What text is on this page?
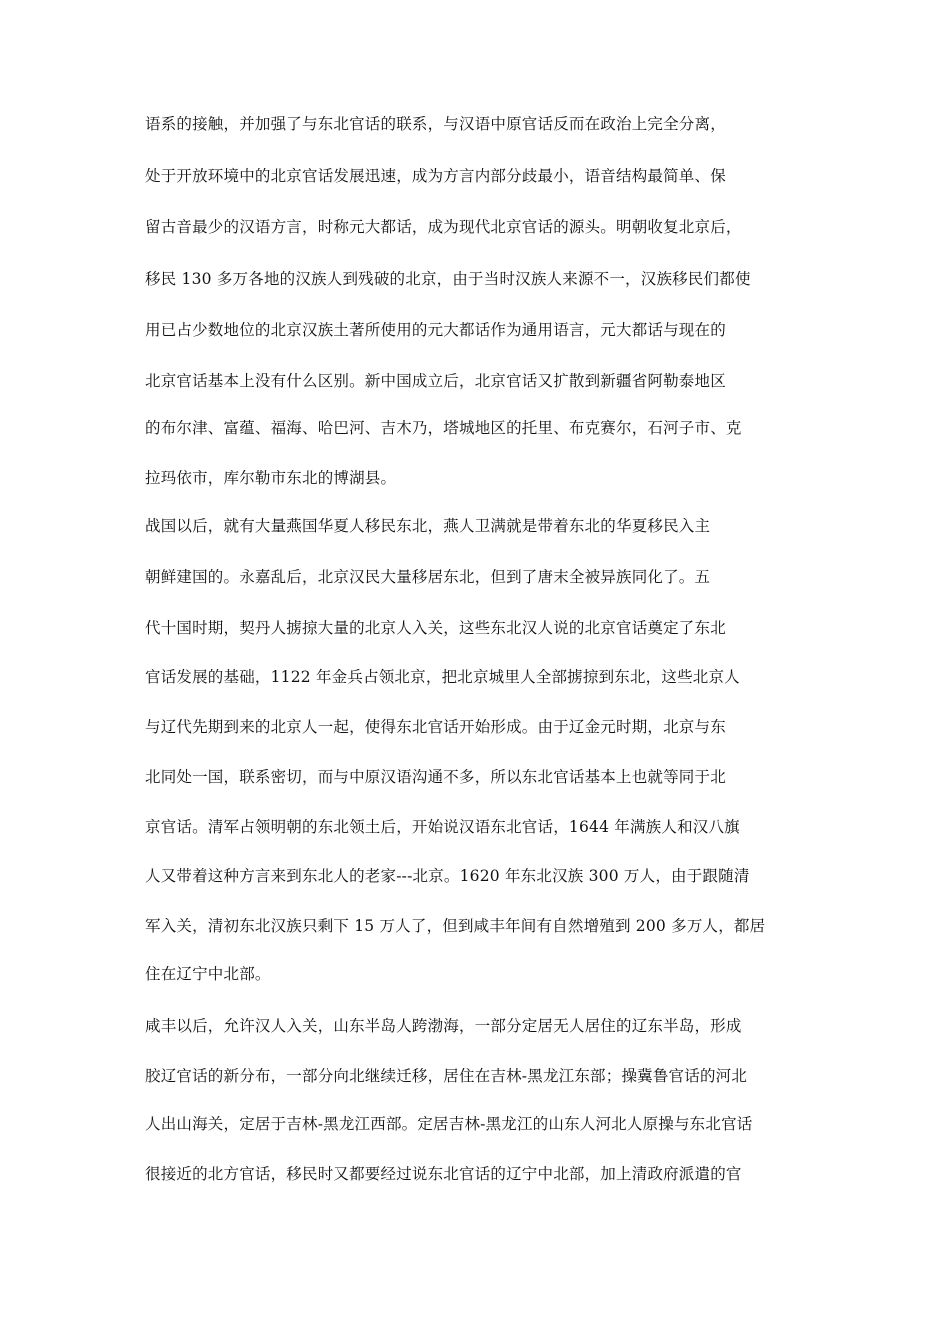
语系的接触，并加强了与东北官话的联系，与汉语中原官话反而在政治上完全分离，
处于开放环境中的北京官话发展迅速，成为方言内部分歧最小，语音结构最简单、保
留古音最少的汉语方言，时称元大都话，成为现代北京官话的源头。明朝收复北京后，
移民 130 多万各地的汉族人到残破的北京，由于当时汉族人来源不一，汉族移民们都使
用已占少数地位的北京汉族土著所使用的元大都话作为通用语言，元大都话与现在的
北京官话基本上没有什么区别。新中国成立后，北京官话又扩散到新疆省阿勒泰地区
的布尔津、富蕴、福海、哈巴河、吉木乃，塔城地区的托里、布克赛尔，石河子市、克
拉玛依市，库尔勒市东北的博湖县。
战国以后，就有大量燕国华夏人移民东北，燕人卫满就是带着东北的华夏移民入主
朝鲜建国的。永嘉乱后，北京汉民大量移居东北，但到了唐末全被异族同化了。五
代十国时期，契丹人掳掠大量的北京人入关，这些东北汉人说的北京官话奠定了东北
官话发展的基础，1122 年金兵占领北京，把北京城里人全部掳掠到东北，这些北京人
与辽代先期到来的北京人一起，使得东北官话开始形成。由于辽金元时期，北京与东
北同处一国，联系密切，而与中原汉语沟通不多，所以东北官话基本上也就等同于北
京官话。清军占领明朝的东北领土后，开始说汉语东北官话，1644 年满族人和汉八旗
人又带着这种方言来到东北人的老家---北京。1620 年东北汉族 300 万人，由于跟随清
军入关，清初东北汉族只剩下 15 万人了，但到咸丰年间有自然增殖到 200 多万人，都居
住在辽宁中北部。
咸丰以后，允许汉人入关，山东半岛人跨渤海，一部分定居无人居住的辽东半岛，形成
胶辽官话的新分布，一部分向北继续迁移，居住在吉林-黑龙江东部；操冀鲁官话的河北
人出山海关，定居于吉林-黑龙江西部。定居吉林-黑龙江的山东人河北人原操与东北官话
很接近的北方官话，移民时又都要经过说东北官话的辽宁中北部，加上清政府派遣的官
